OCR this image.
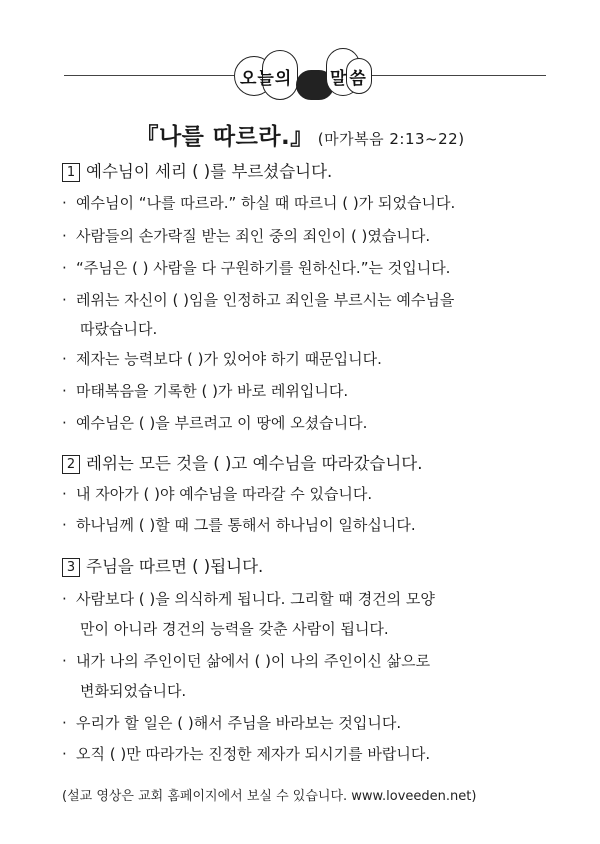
오늘의 말씀
『나를 따르라.』 (마가복음 2:13~22)
1 예수님이 세리 ( )를 부르셨습니다.
· 예수님이 “나를 따르라.” 하실 때 따르니 ( )가 되었습니다.
· 사람들의 손가락질 받는 죄인 중의 죄인이 ( )였습니다.
· “주님은 ( ) 사람을 다 구원하기를 원하신다.”는 것입니다.
· 레위는 자신이 ( )임을 인정하고 죄인을 부르시는 예수님을
따랐습니다.
· 제자는 능력보다 ( )가 있어야 하기 때문입니다.
· 마태복음을 기록한 ( )가 바로 레위입니다.
· 예수님은 ( )을 부르려고 이 땅에 오셨습니다.
2 레위는 모든 것을 ( )고 예수님을 따라갔습니다.
· 내 자아가 ( )야 예수님을 따라갈 수 있습니다.
· 하나님께 ( )할 때 그를 통해서 하나님이 일하십니다.
3 주님을 따르면 ( )됩니다.
· 사람보다 ( )을 의식하게 됩니다. 그리할 때 경건의 모양
만이 아니라 경건의 능력을 갖춘 사람이 됩니다.
· 내가 나의 주인이던 삶에서 ( )이 나의 주인이신 삶으로
변화되었습니다.
· 우리가 할 일은 ( )해서 주님을 바라보는 것입니다.
· 오직 ( )만 따라가는 진정한 제자가 되시기를 바랍니다.
(설교 영상은 교회 홈페이지에서 보실 수 있습니다. www.loveeden.net)
